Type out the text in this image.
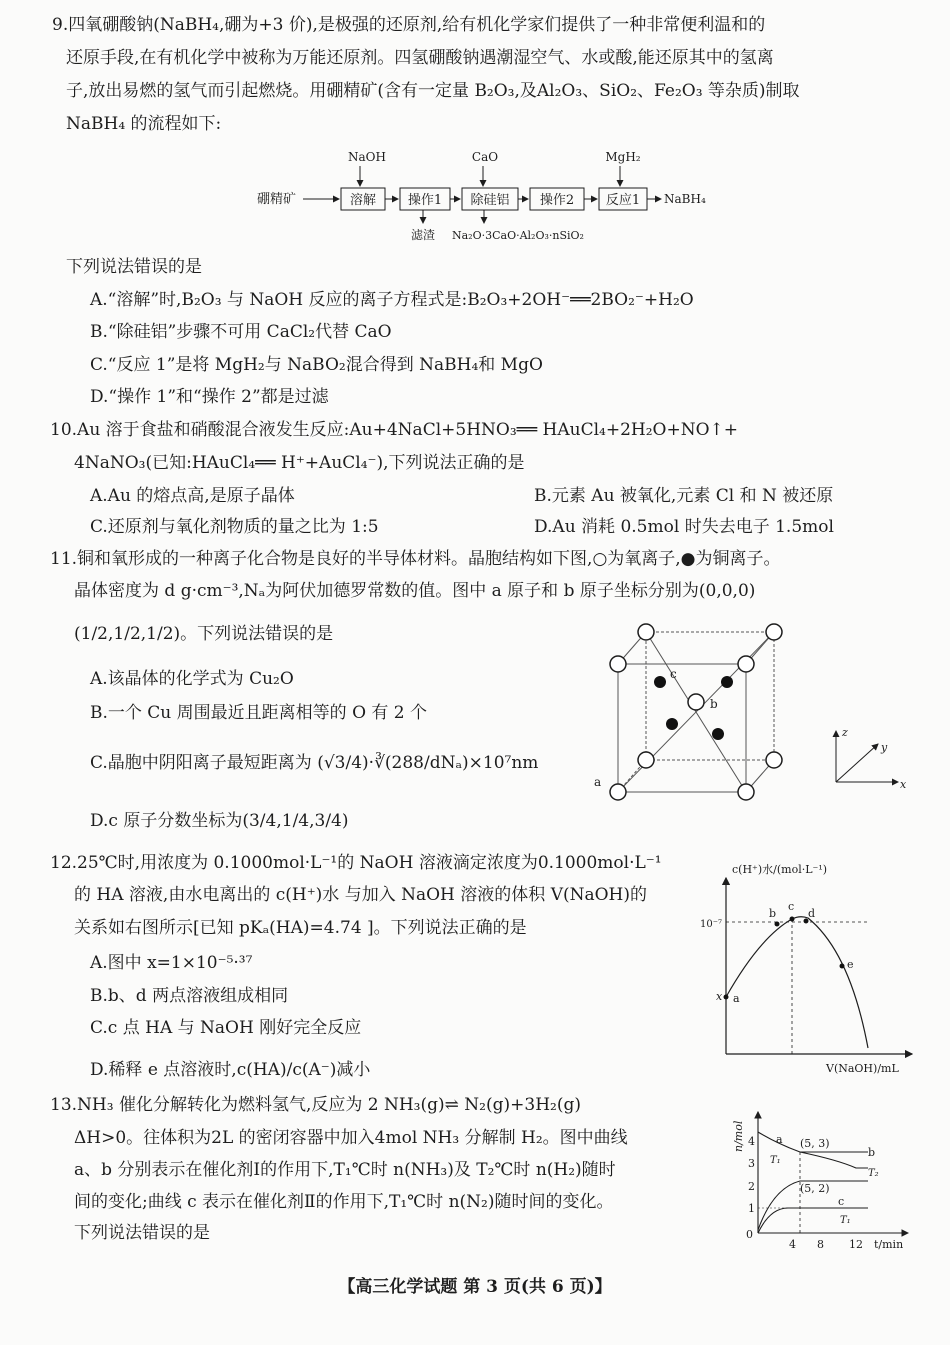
9.四氧硼酸钠(NaBH₄,硼为+3 价),是极强的还原剂,给有机化学家们提供了一种非常便利温和的
还原手段,在有机化学中被称为万能还原剂。四氢硼酸钠遇潮湿空气、水或酸,能还原其中的氢离
子,放出易燃的氢气而引起燃烧。用硼精矿(含有一定量 B₂O₃,及Al₂O₃、SiO₂、Fe₂O₃ 等杂质)制取
NaBH₄ 的流程如下:
硼精矿	溶解 操作1 除硅铝 操作2 反应1 NaBH₄
NaOH	CaO	MgH₂
滤渣 Na₂O·3CaO·Al₂O₃·nSiO₂
下列说法错误的是
A.“溶解”时,B₂O₃ 与 NaOH 反应的离子方程式是:B₂O₃+2OH⁻══2BO₂⁻+H₂O
B.“除硅铝”步骤不可用 CaCl₂代替 CaO
C.“反应 1”是将 MgH₂与 NaBO₂混合得到 NaBH₄和 MgO
D.“操作 1”和“操作 2”都是过滤
10.Au 溶于食盐和硝酸混合液发生反应:Au+4NaCl+5HNO₃══ HAuCl₄+2H₂O+NO↑+
4NaNO₃(已知:HAuCl₄══ H⁺+AuCl₄⁻),下列说法正确的是
A.Au 的熔点高,是原子晶体	B.元素 Au 被氧化,元素 Cl 和 N 被还原
C.还原剂与氧化剂物质的量之比为 1:5	D.Au 消耗 0.5mol 时失去电子 1.5mol
11.铜和氧形成的一种离子化合物是良好的半导体材料。晶胞结构如下图,○为氧离子,●为铜离子。
晶体密度为 d g·cm⁻³,Nₐ为阿伏加德罗常数的值。图中 a 原子和 b 原子坐标分别为(0,0,0)
(1/2,1/2,1/2)。下列说法错误的是
A.该晶体的化学式为 Cu₂O
B.一个 Cu 周围最近且距离相等的 O 有 2 个
C.晶胞中阴阳离子最短距离为 (√3/4)·∛(288/dNₐ)×10⁷nm
D.c 原子分数坐标为(3/4,1/4,3/4)
c
b
a	x
z
y
12.25℃时,用浓度为 0.1000mol·L⁻¹的 NaOH 溶液滴定浓度为0.1000mol·L⁻¹
的 HA 溶液,由水电离出的 c(H⁺)水 与加入 NaOH 溶液的体积 V(NaOH)的
关系如右图所示[已知 pKₐ(HA)=4.74 ]。下列说法正确的是
A.图中 x=1×10⁻⁵·³⁷
B.b、d 两点溶液组成相同
C.c 点 HA 与 NaOH 刚好完全反应
D.稀释 e 点溶液时,c(HA)/c(A⁻)减小
c(H⁺)水/(mol·L⁻¹)
10⁻⁷
x a
b
c
d
e
V(NaOH)/mL
13.NH₃ 催化分解转化为燃料氢气,反应为 2 NH₃(g)⇌ N₂(g)+3H₂(g)
ΔH>0。往体积为2L 的密闭容器中加入4mol NH₃ 分解制 H₂。图中曲线
a、b 分别表示在催化剂Ⅰ的作用下,T₁℃时 n(NH₃)及 T₂℃时 n(H₂)随时
间的变化;曲线 c 表示在催化剂Ⅱ的作用下,T₁℃时 n(N₂)随时间的变化。
下列说法错误的是
n/mol
t/min
0
4 8 12
1
2
3
4	(5, 3)
(5, 2)
a
b
c
T₁
T₂
T₁
【高三化学试题 第 3 页(共 6 页)】
